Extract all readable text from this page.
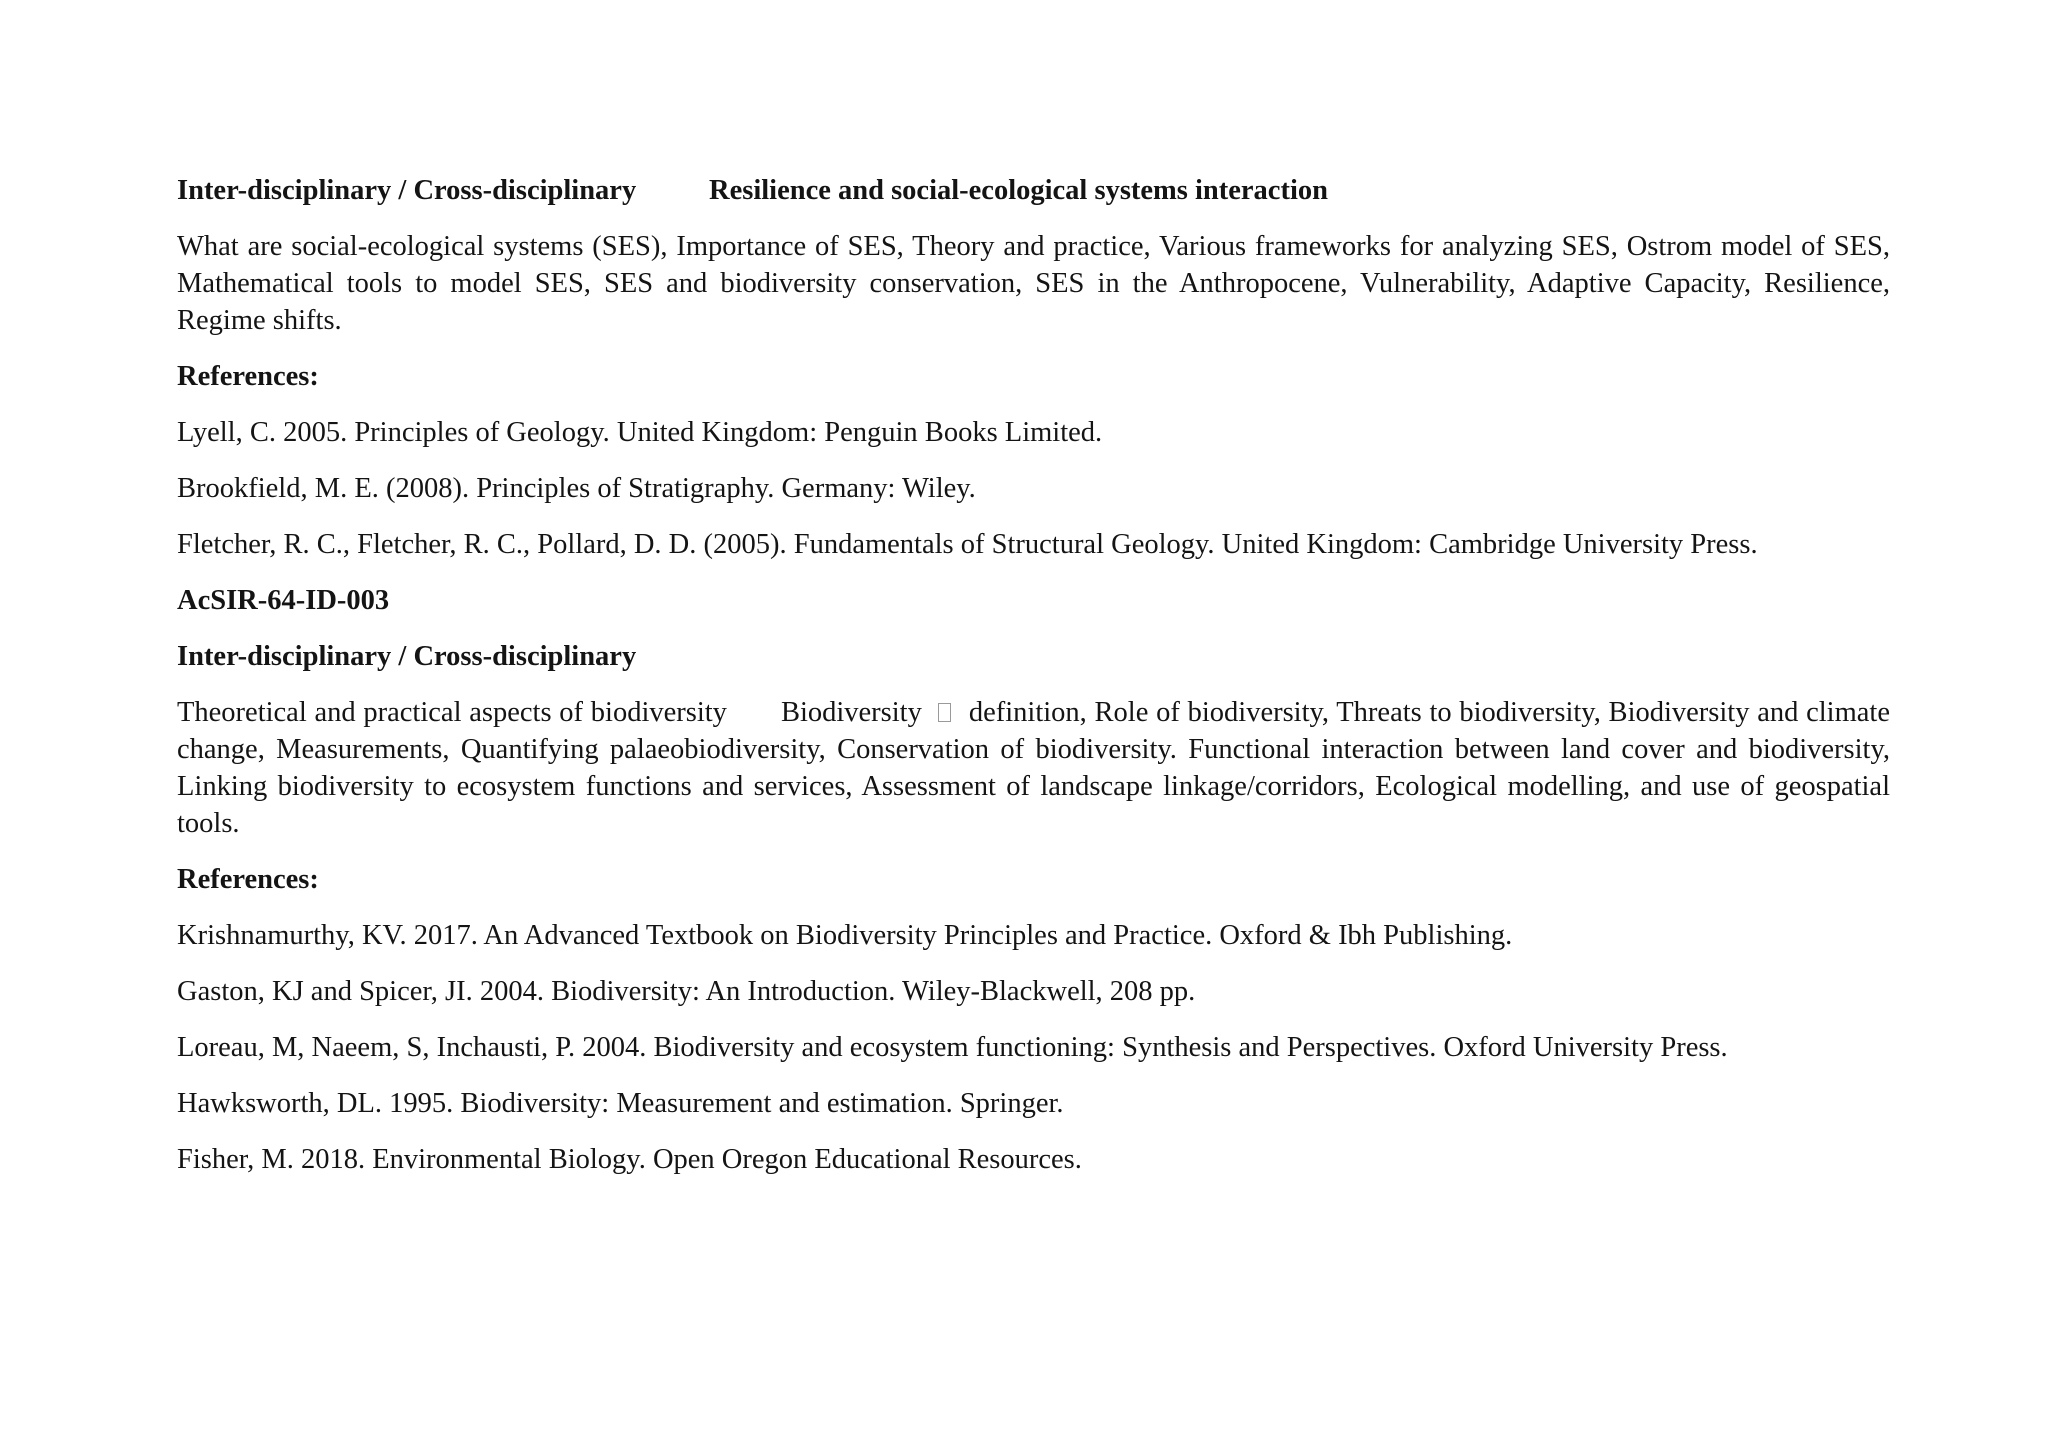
Inter-disciplinary / Cross-disciplinary	Resilience and social-ecological systems interaction

What are social-ecological systems (SES), Importance of SES, Theory and practice, Various frameworks for analyzing SES, Ostrom model of SES, Mathematical tools to model SES, SES and biodiversity conservation, SES in the Anthropocene, Vulnerability, Adaptive Capacity, Resilience, Regime shifts.

References:

Lyell, C. 2005. Principles of Geology. United Kingdom: Penguin Books Limited.

Brookfield, M. E. (2008). Principles of Stratigraphy. Germany: Wiley.

Fletcher, R. C., Fletcher, R. C., Pollard, D. D. (2005). Fundamentals of Structural Geology. United Kingdom: Cambridge University Press.

AcSIR-64-ID-003

Inter-disciplinary / Cross-disciplinary

Theoretical and practical aspects of biodiversity Biodiversity definition, Role of biodiversity, Threats to biodiversity, Biodiversity and climate change, Measurements, Quantifying palaeobiodiversity, Conservation of biodiversity. Functional interaction between land cover and biodiversity, Linking biodiversity to ecosystem functions and services, Assessment of landscape linkage/corridors, Ecological modelling, and use of geospatial tools.

References:

Krishnamurthy, KV. 2017. An Advanced Textbook on Biodiversity Principles and Practice. Oxford & Ibh Publishing.

Gaston, KJ and Spicer, JI. 2004. Biodiversity: An Introduction. Wiley-Blackwell, 208 pp.

Loreau, M, Naeem, S, Inchausti, P. 2004. Biodiversity and ecosystem functioning: Synthesis and Perspectives. Oxford University Press.

Hawksworth, DL. 1995. Biodiversity: Measurement and estimation. Springer.

Fisher, M. 2018. Environmental Biology. Open Oregon Educational Resources.
